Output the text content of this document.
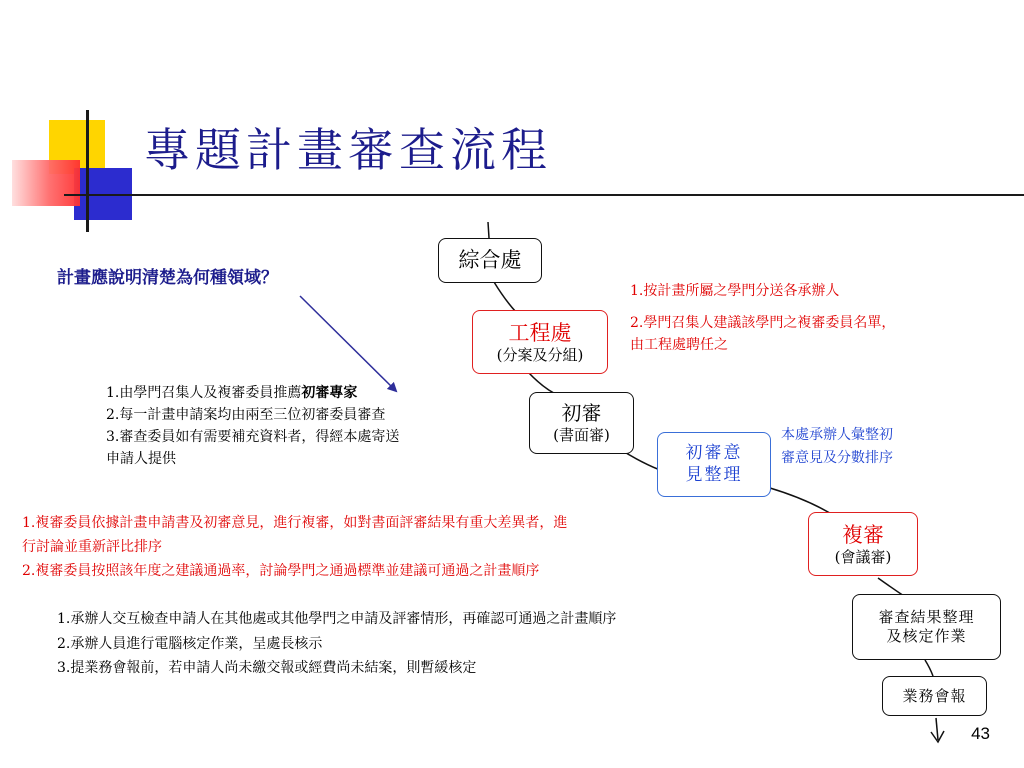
專題計畫審查流程
綜合處
工程處
(分案及分組)
初審
(書面審)
初審意
見整理
複審
(會議審)
審查結果整理
及核定作業
業務會報
計畫應說明清楚為何種領域？
1.按計畫所屬之學門分送各承辦人
2.學門召集人建議該學門之複審委員名單，
由工程處聘任之
1.由學門召集人及複審委員推薦初審專家
2.每一計畫申請案均由兩至三位初審委員審查
3.審查委員如有需要補充資料者，得經本處寄送
申請人提供
本處承辦人彙整初
審意見及分數排序
1.複審委員依據計畫申請書及初審意見，進行複審，如對書面評審結果有重大差異者，進
行討論並重新評比排序
2.複審委員按照該年度之建議通過率，討論學門之通過標準並建議可通過之計畫順序
1.承辦人交互檢查申請人在其他處或其他學門之申請及評審情形，再確認可通過之計畫順序
2.承辦人員進行電腦核定作業，呈處長核示
3.提業務會報前，若申請人尚未繳交報或經費尚未結案，則暫緩核定
43
